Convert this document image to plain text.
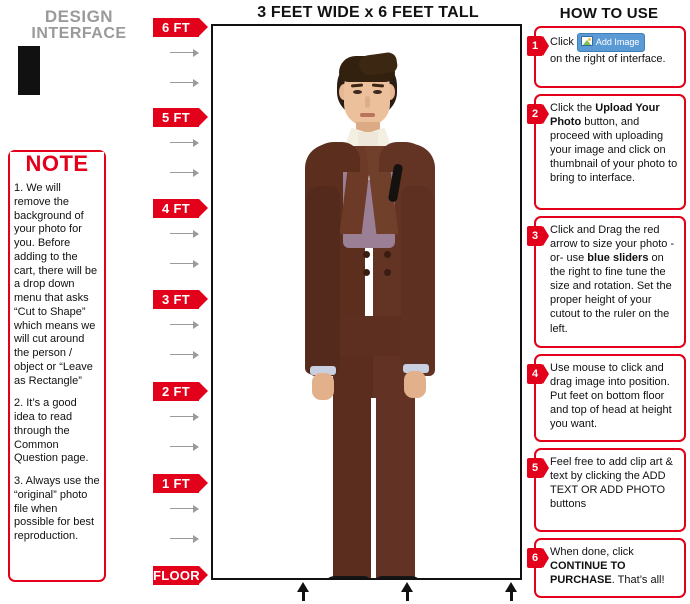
DESIGN
INTERFACE
NOTE

1. We will remove the background of your photo for you. Before adding to the cart, there will be a drop down menu that asks “Cut to Shape” which means we will cut around the person / object or “Leave as Rectangle”

2. It’s a good idea to read through the Common Question page.

3. Always use the “original” photo file when possible for best reproduction.

6 FT
5 FT
4 FT
3 FT
2 FT
1 FT
FLOOR
3 FEET WIDE x 6 FEET TALL	HOW TO USE
1	Click Add Image
on the right of interface.
2	Click the Upload Your Photo button, and proceed with uploading your image and click on thumbnail of your photo to bring to interface.
3	Click and Drag the red arrow to size your photo -or- use blue sliders on the right to fine tune the size and rotation. Set the proper height of your cutout to the ruler on the left.
4	Use mouse to click and drag image into position. Put feet on bottom floor and top of head at height you want.
5	Feel free to add clip art & text by clicking the ADD TEXT OR ADD PHOTO buttons
6	When done, click CONTINUE TO PURCHASE. That’s all!
